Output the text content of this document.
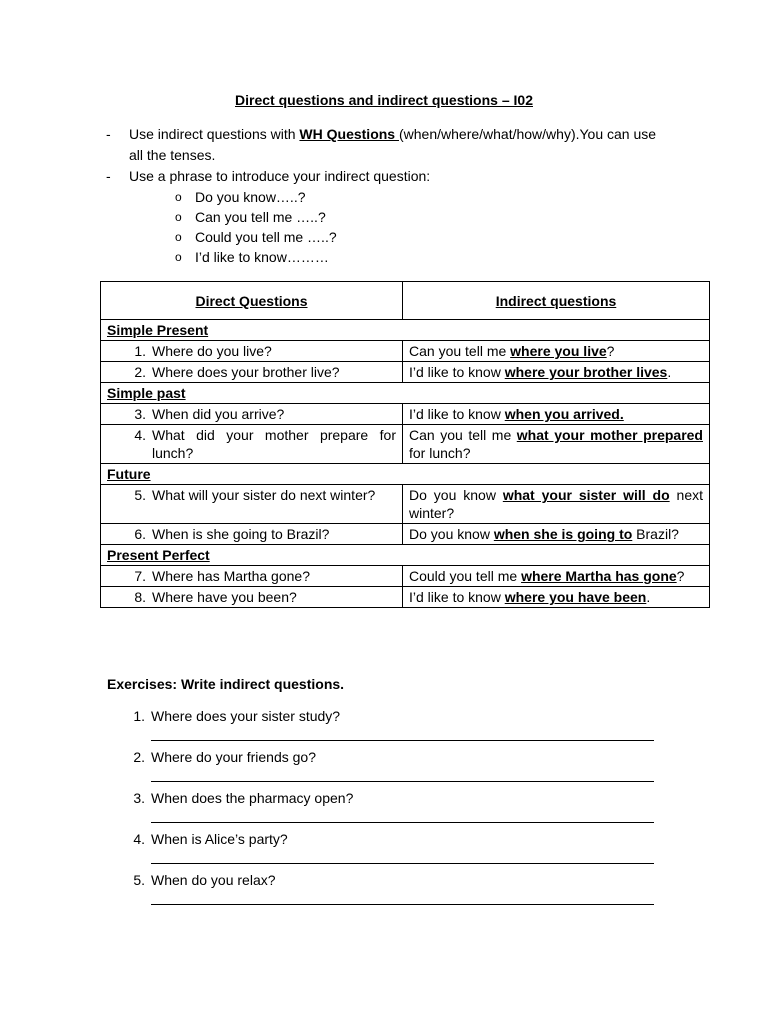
Direct questions and indirect questions – I02
-	Use indirect questions with WH Questions (when/where/what/how/why).You can use all the tenses.
-	Use a phrase to introduce your indirect question:
o Do you know…..?
o Can you tell me …..?
o Could you tell me …..?
o I’d like to know………
Direct Questions	Indirect questions
Simple Present	

1. Where do you live?	Can you tell me where you live?

2. Where does your brother live?	I’d like to know where your brother lives.
Simple past	

3. When did you arrive?	I’d like to know when you arrived.

4. What did your mother prepare for lunch?	Can you tell me what your mother prepared for lunch?
Future	

5. What will your sister do next winter?	Do you know what your sister will do next winter?

6. When is she going to Brazil?	Do you know when she is going to Brazil?
Present Perfect	

7. Where has Martha gone?	Could you tell me where Martha has gone?

8. Where have you been?	I’d like to know where you have been.
Exercises: Write indirect questions.
1. Where does your sister study?
2. Where do your friends go?
3. When does the pharmacy open?
4. When is Alice’s party?
5. When do you relax?
